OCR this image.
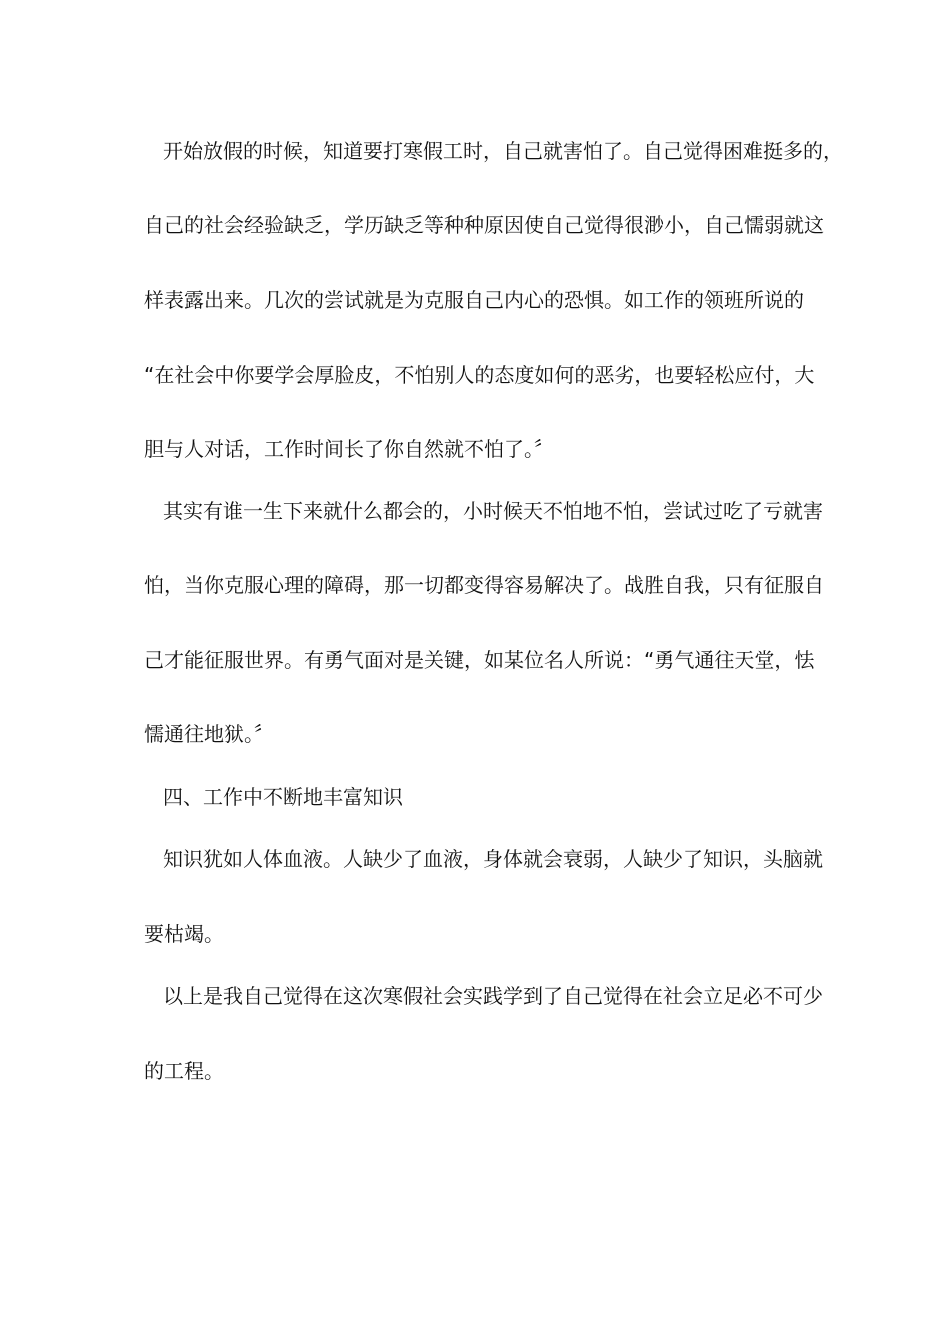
开始放假的时候，知道要打寒假工时，自己就害怕了。自己觉得困难挺多的，
自己的社会经验缺乏，学历缺乏等种种原因使自己觉得很渺小，自己懦弱就这
样表露出来。几次的尝试就是为克服自己内心的恐惧。如工作的领班所说的
“在社会中你要学会厚脸皮，不怕别人的态度如何的恶劣，也要轻松应付，大
胆与人对话，工作时间长了你自然就不怕了。〞
其实有谁一生下来就什么都会的，小时候天不怕地不怕，尝试过吃了亏就害
怕，当你克服心理的障碍，那一切都变得容易解决了。战胜自我，只有征服自
己才能征服世界。有勇气面对是关键，如某位名人所说：“勇气通往天堂，怯
懦通往地狱。〞
四、工作中不断地丰富知识
知识犹如人体血液。人缺少了血液，身体就会衰弱，人缺少了知识，头脑就
要枯竭。
以上是我自己觉得在这次寒假社会实践学到了自己觉得在社会立足必不可少
的工程。
